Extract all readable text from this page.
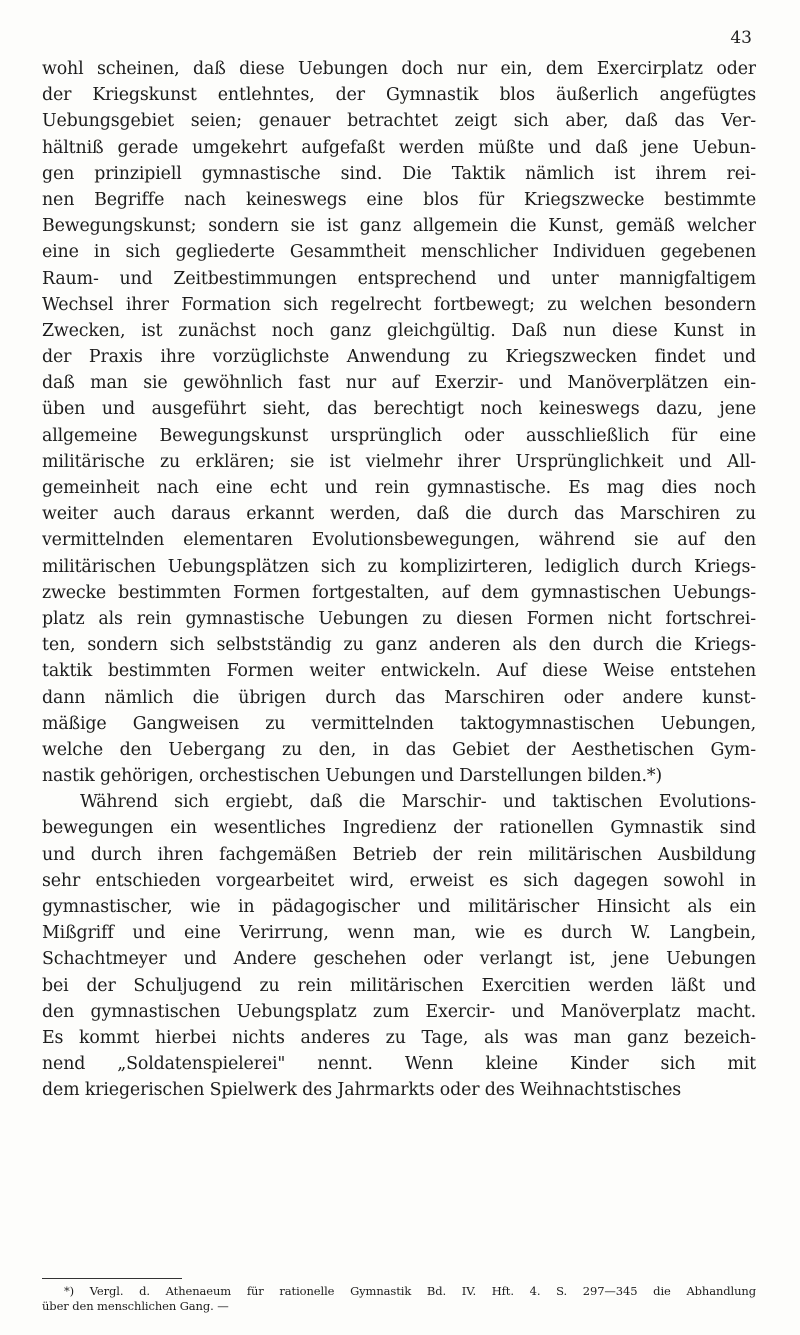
43
wohl scheinen, daß diese Uebungen doch nur ein, dem Exercirplatz oder
der Kriegskunst entlehntes, der Gymnastik blos äußerlich angefügtes
Uebungsgebiet seien; genauer betrachtet zeigt sich aber, daß das Ver-
hältniß gerade umgekehrt aufgefaßt werden müßte und daß jene Uebun-
gen prinzipiell gymnastische sind. Die Taktik nämlich ist ihrem rei-
nen Begriffe nach keineswegs eine blos für Kriegszwecke bestimmte
Bewegungskunst; sondern sie ist ganz allgemein die Kunst, gemäß welcher
eine in sich gegliederte Gesammtheit menschlicher Individuen gegebenen
Raum- und Zeitbestimmungen entsprechend und unter mannigfaltigem
Wechsel ihrer Formation sich regelrecht fortbewegt; zu welchen besondern
Zwecken, ist zunächst noch ganz gleichgültig. Daß nun diese Kunst in
der Praxis ihre vorzüglichste Anwendung zu Kriegszwecken findet und
daß man sie gewöhnlich fast nur auf Exerzir- und Manöverplätzen ein-
üben und ausgeführt sieht, das berechtigt noch keineswegs dazu, jene
allgemeine Bewegungskunst ursprünglich oder ausschließlich für eine
militärische zu erklären; sie ist vielmehr ihrer Ursprünglichkeit und All-
gemeinheit nach eine echt und rein gymnastische. Es mag dies noch
weiter auch daraus erkannt werden, daß die durch das Marschiren zu
vermittelnden elementaren Evolutionsbewegungen, während sie auf den
militärischen Uebungsplätzen sich zu komplizirteren, lediglich durch Kriegs-
zwecke bestimmten Formen fortgestalten, auf dem gymnastischen Uebungs-
platz als rein gymnastische Uebungen zu diesen Formen nicht fortschrei-
ten, sondern sich selbstständig zu ganz anderen als den durch die Kriegs-
taktik bestimmten Formen weiter entwickeln. Auf diese Weise entstehen
dann nämlich die übrigen durch das Marschiren oder andere kunst-
mäßige Gangweisen zu vermittelnden taktogymnastischen Uebungen,
welche den Uebergang zu den, in das Gebiet der Aesthetischen Gym-
nastik gehörigen, orchestischen Uebungen und Darstellungen bilden.*)
Während sich ergiebt, daß die Marschir- und taktischen Evolutions-
bewegungen ein wesentliches Ingredienz der rationellen Gymnastik sind
und durch ihren fachgemäßen Betrieb der rein militärischen Ausbildung
sehr entschieden vorgearbeitet wird, erweist es sich dagegen sowohl in
gymnastischer, wie in pädagogischer und militärischer Hinsicht als ein
Mißgriff und eine Verirrung, wenn man, wie es durch W. Langbein,
Schachtmeyer und Andere geschehen oder verlangt ist, jene Uebungen
bei der Schuljugend zu rein militärischen Exercitien werden läßt und
den gymnastischen Uebungsplatz zum Exercir- und Manöverplatz macht.
Es kommt hierbei nichts anderes zu Tage, als was man ganz bezeich-
nend „Soldatenspielerei" nennt. Wenn kleine Kinder sich mit
dem kriegerischen Spielwerk des Jahrmarkts oder des Weihnachtstisches
*) Vergl. d. Athenaeum für rationelle Gymnastik Bd. IV. Hft. 4. S. 297—345 die Abhandlung
über den menschlichen Gang. —
